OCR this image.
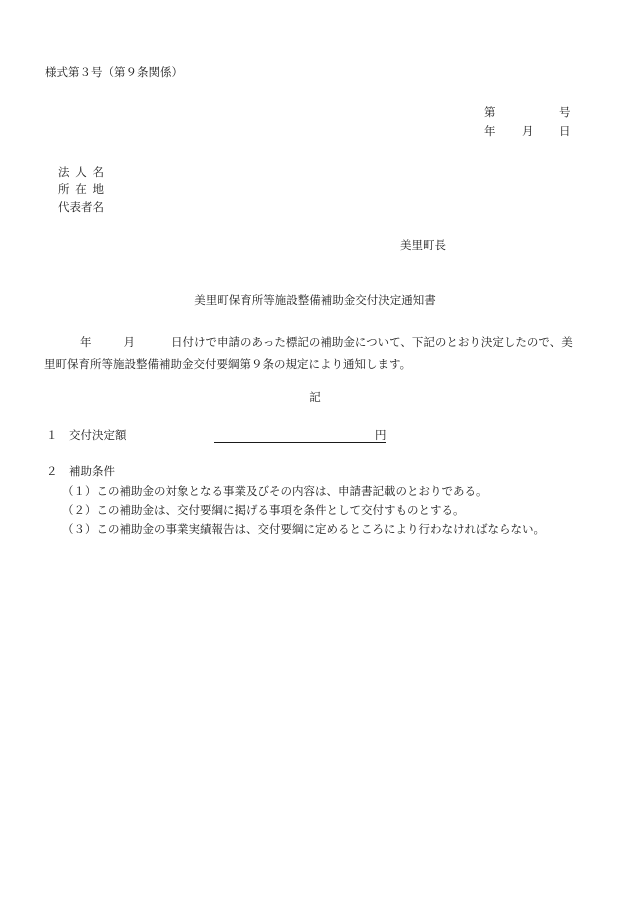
様式第３号（第９条関係）
第	号
年 月 日
法人名
所在地
代表者名
美里町長
美里町保育所等施設整備補助金交付決定通知書
年	月	日付けで申請のあった標記の補助金について、下記のとおり決定したので、美
里町保育所等施設整備補助金交付要綱第９条の規定により通知します。
記
１ 交付決定額	円
２ 補助条件
（１）この補助金の対象となる事業及びその内容は、申請書記載のとおりである。
（２）この補助金は、交付要綱に掲げる事項を条件として交付すものとする。
（３）この補助金の事業実績報告は、交付要綱に定めるところにより行わなければならない。
